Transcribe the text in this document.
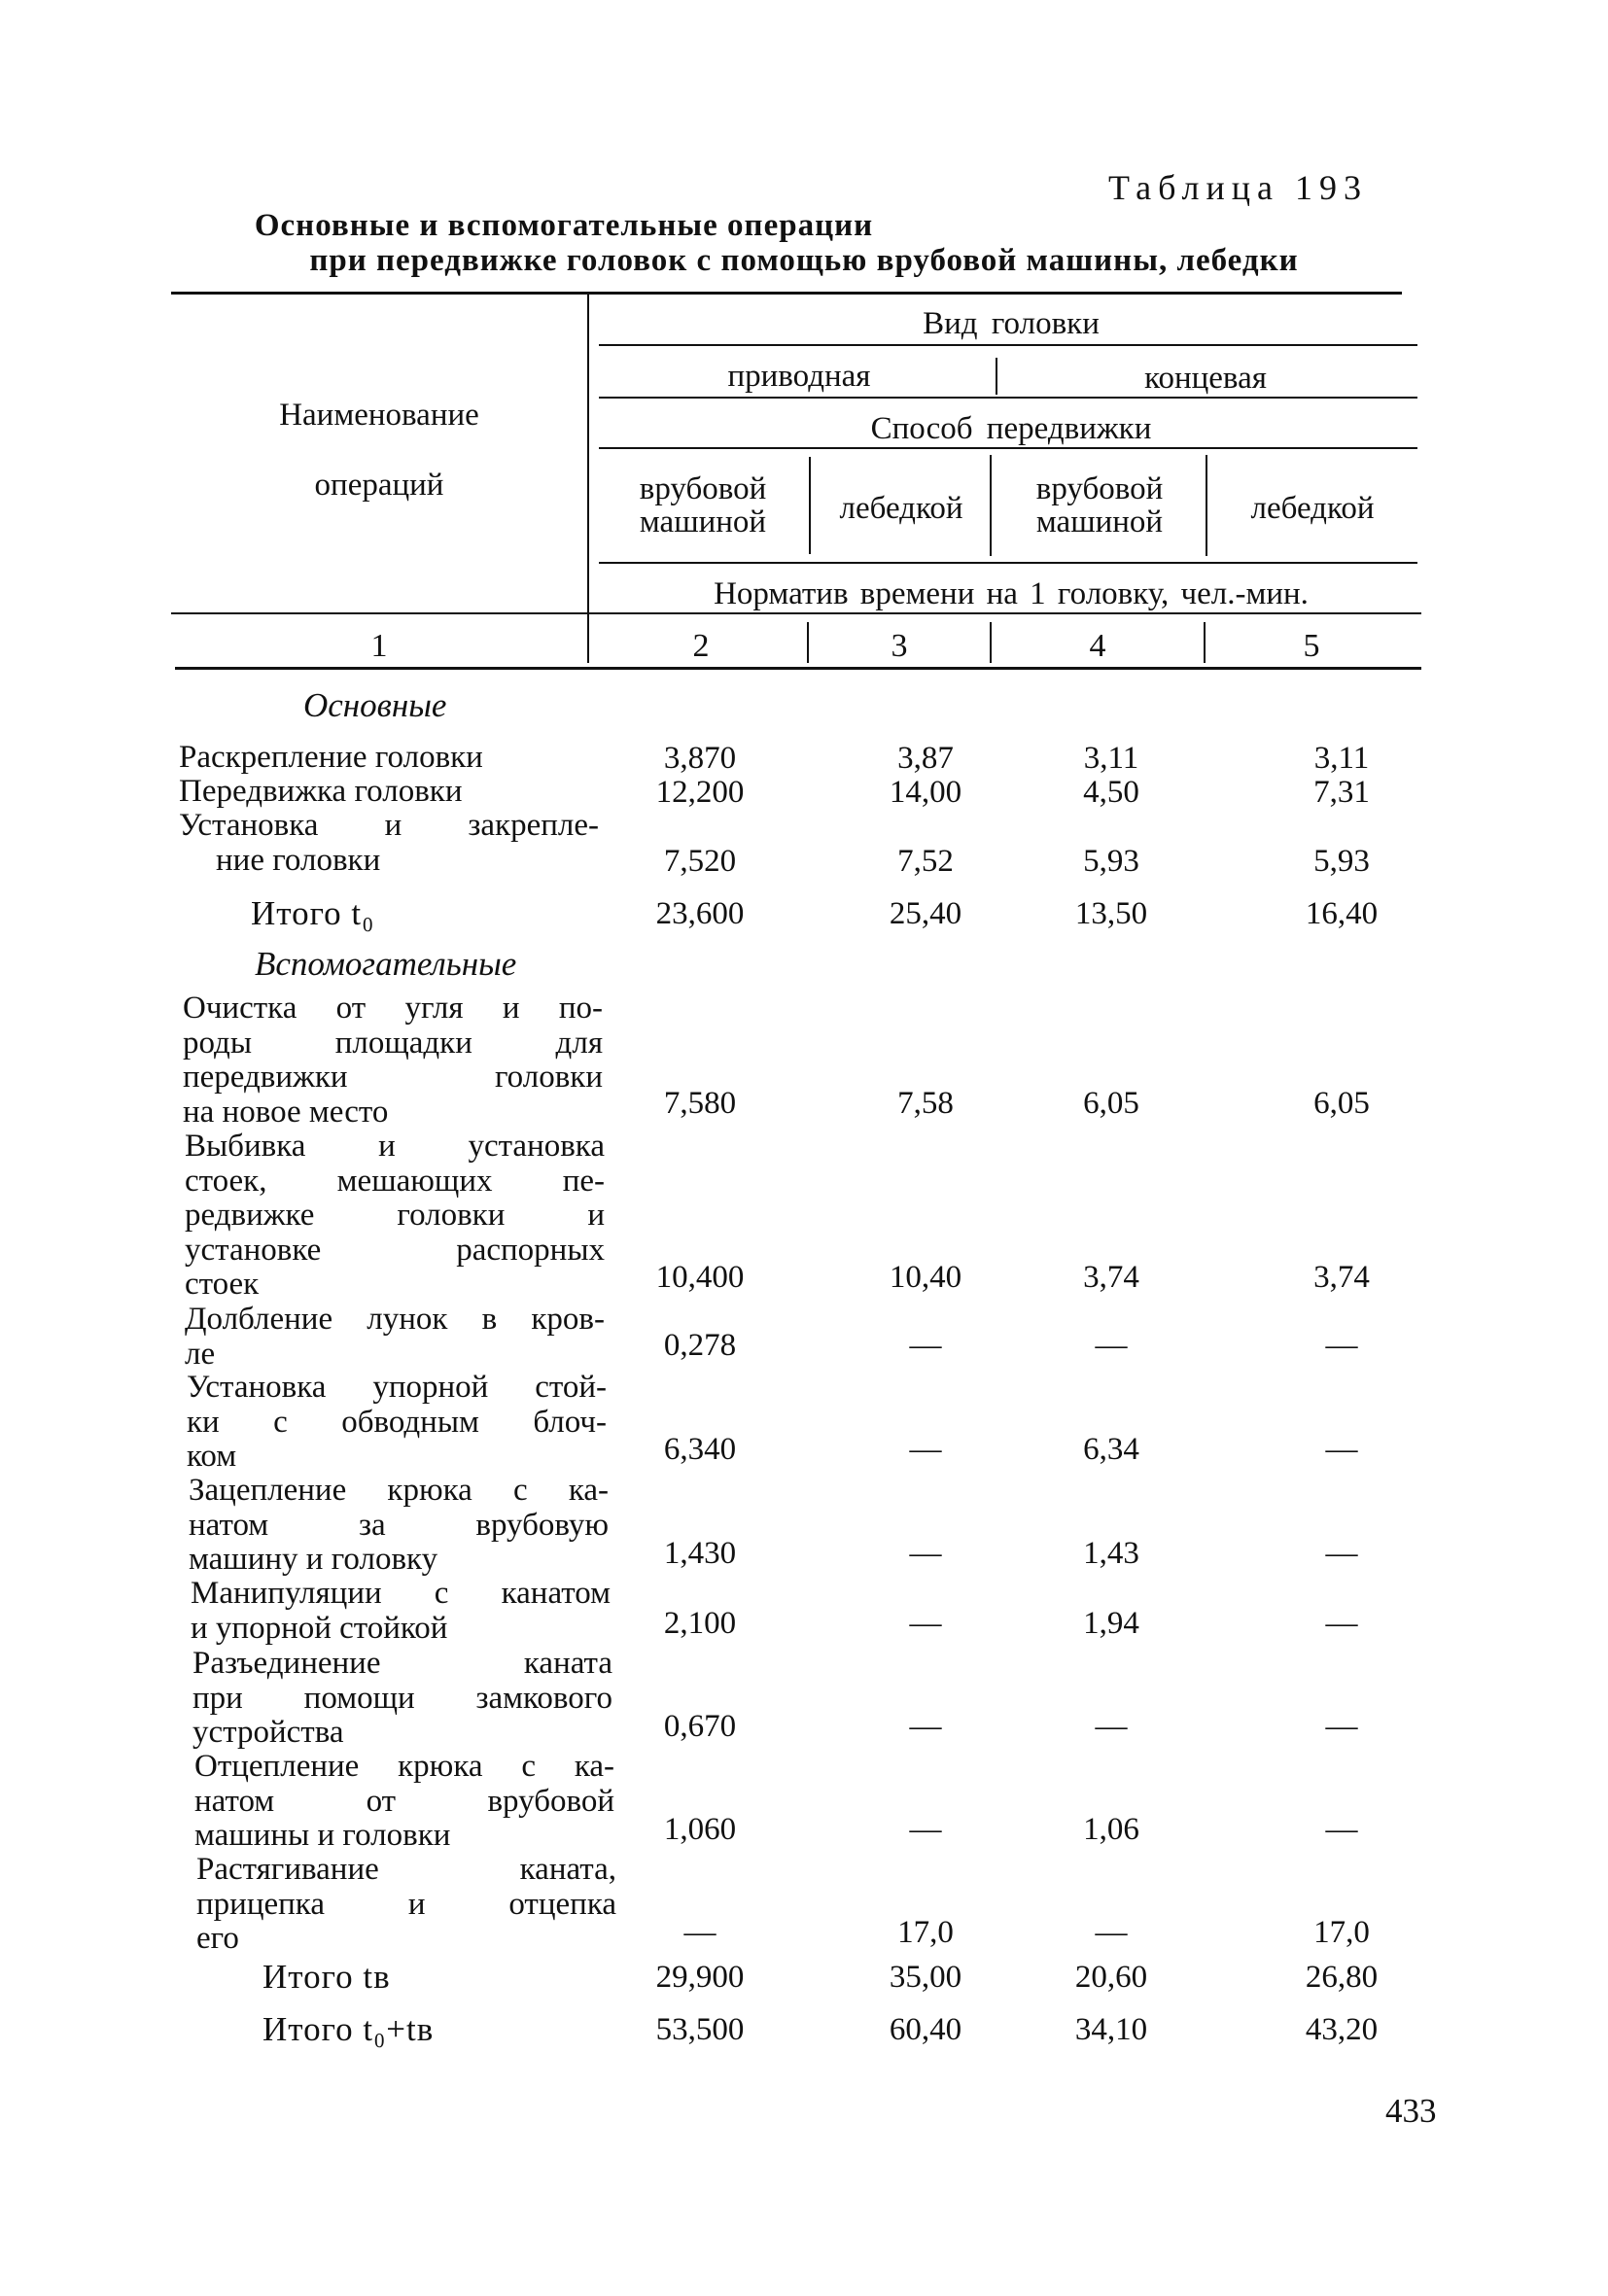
Таблица 193
Основные и вспомогательные операции
при передвижке головок с помощью врубовой машины, лебедки
Наименование
операций
Вид головки
приводная	концевая
Способ передвижки
врубовой
машиной	лебедкой
врубовой
машиной	лебедкой
Норматив времени на 1 головку, чел.-мин.
1	2	3	4	5
Основные
Раскрепление головки	3,870	3,87	3,11	3,11
Передвижка головки	12,200	14,00	4,50	7,31
Установка и закрепле-
ние головки	7,520	7,52	5,93	5,93
Итого t₀	23,600	25,40	13,50	16,40
Вспомогательные
Очистка от угля и по-
роды площадки для
передвижки головки
на новое место	7,580	7,58	6,05	6,05
Выбивка и установка
стоек, мешающих пе-
редвижке головки и
установке распорных
стоек	10,400	10,40	3,74	3,74
Долбление лунок в кров-
ле	0,278	—	—	—
Установка упорной стой-
ки с обводным блоч-
ком	6,340	—	6,34	—
Зацепление крюка с ка-
натом за врубовую
машину и головку	1,430	—	1,43	—
Манипуляции с канатом
и упорной стойкой	2,100	—	1,94	—
Разъединение каната
при помощи замкового
устройства	0,670	—	—	—
Отцепление крюка с ка-
натом от врубовой
машины и головки	1,060	—	1,06	—
Растягивание каната,
прицепка и отцепка
его	—	17,0	—	17,0
Итого tв	29,900	35,00	20,60	26,80
Итого t₀+tв	53,500	60,40	34,10	43,20
433
